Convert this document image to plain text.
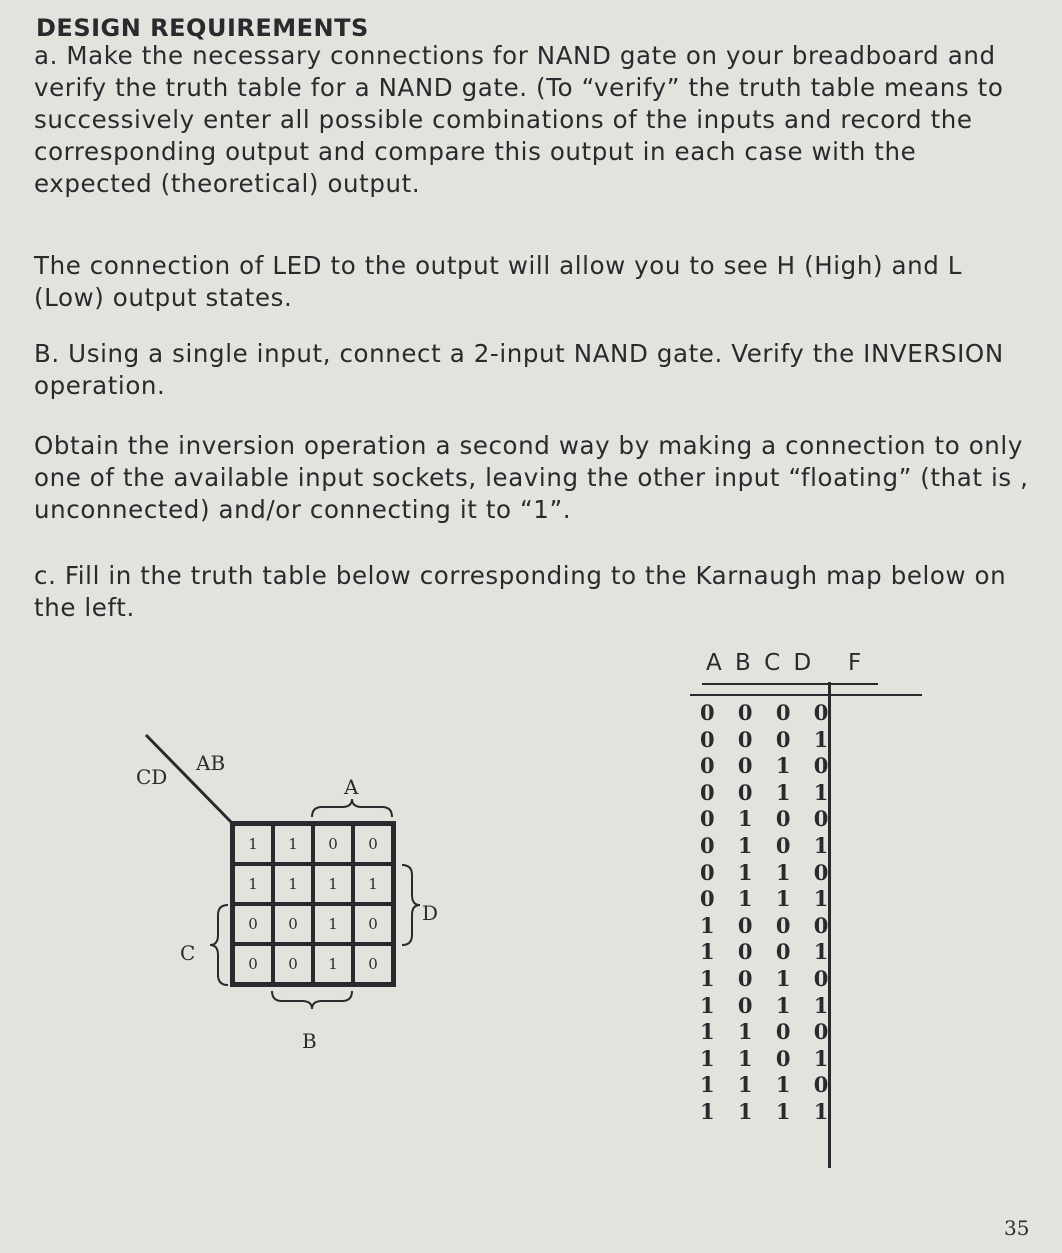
DESIGN REQUIREMENTS
a. Make the necessary connections for NAND gate on your breadboard and
verify the truth table for a NAND gate. (To “verify” the truth table means to
successively enter all possible combinations of the inputs and record the
corresponding output and compare this output in each case with the
expected (theoretical) output.
The connection of LED to the output will allow you to see H (High) and L
(Low) output states.
B. Using a single input, connect a 2-input NAND gate. Verify the INVERSION
operation.
Obtain the inversion operation a second way by making a connection to only
one of the available input sockets, leaving the other input “floating” (that is ,
unconnected) and/or connecting it to “1”.
c. Fill in the truth table below corresponding to the Karnaugh map below on
the left.
CD
AB
A
D
C
B
1	1	0	0
1	1	1	1
0	0	1	0
0	0	1	0
A B C D F
0 0 0 0
0 0 0 1
0 0 1 0
0 0 1 1
0 1 0 0
0 1 0 1
0 1 1 0
0 1 1 1
1 0 0 0
1 0 0 1
1 0 1 0
1 0 1 1
1 1 0 0
1 1 0 1
1 1 1 0
1 1 1 1
35
